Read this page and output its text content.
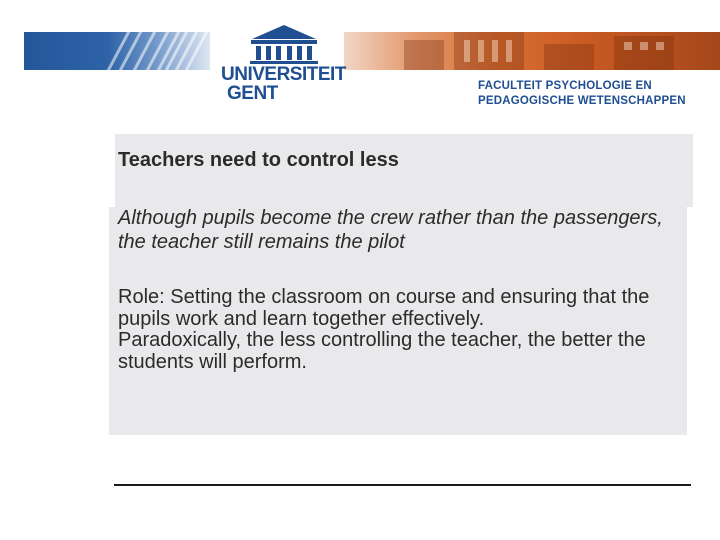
UNIVERSITEIT
GENT	FACULTEIT PSYCHOLOGIE EN
PEDAGOGISCHE WETENSCHAPPEN
Teachers need to control less
Although pupils become the crew rather than the passengers, the teacher still remains the pilot

Role: Setting the classroom on course and ensuring that the pupils work and learn together effectively.

Paradoxically, the less controlling the teacher, the better the students will perform.
